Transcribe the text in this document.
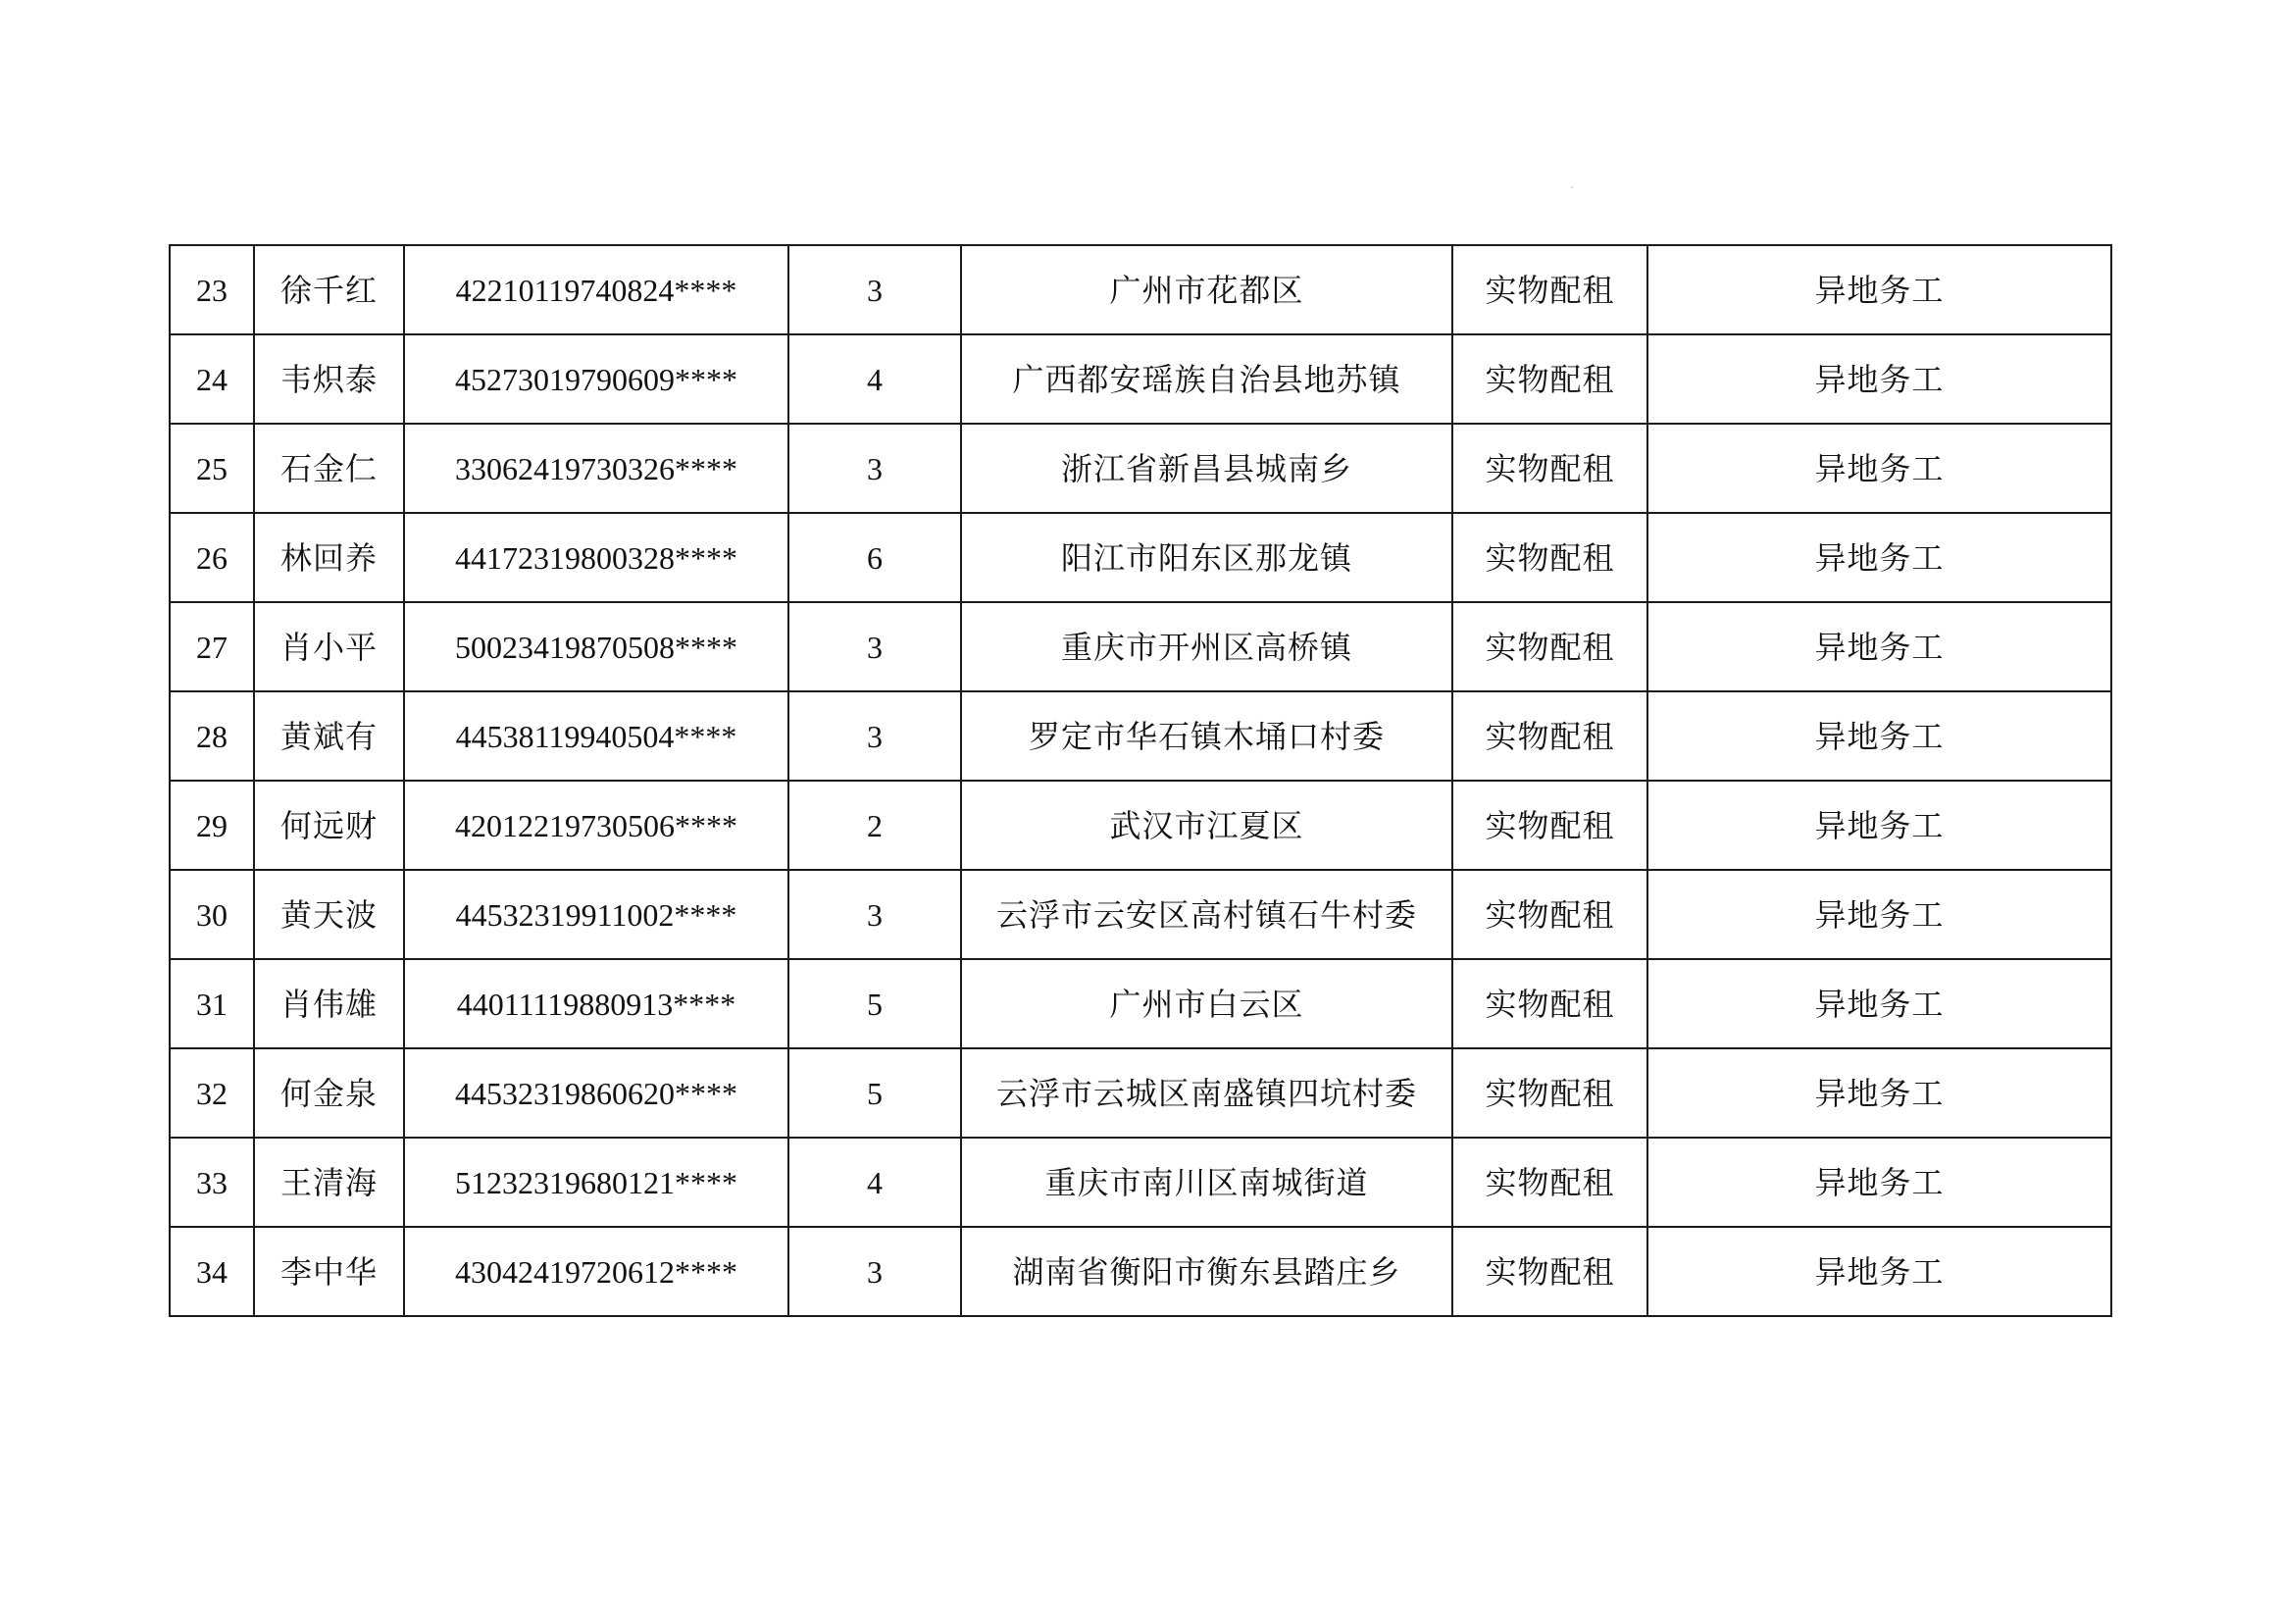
23	徐千红	42210119740824****	3	广州市花都区	实物配租	异地务工
24	韦炽泰	45273019790609****	4	广西都安瑶族自治县地苏镇	实物配租	异地务工
25	石金仁	33062419730326****	3	浙江省新昌县城南乡	实物配租	异地务工
26	林回养	44172319800328****	6	阳江市阳东区那龙镇	实物配租	异地务工
27	肖小平	50023419870508****	3	重庆市开州区高桥镇	实物配租	异地务工
28	黄斌有	44538119940504****	3	罗定市华石镇木埇口村委	实物配租	异地务工
29	何远财	42012219730506****	2	武汉市江夏区	实物配租	异地务工
30	黄天波	44532319911002****	3	云浮市云安区高村镇石牛村委	实物配租	异地务工
31	肖伟雄	44011119880913****	5	广州市白云区	实物配租	异地务工
32	何金泉	44532319860620****	5	云浮市云城区南盛镇四坑村委	实物配租	异地务工
33	王清海	51232319680121****	4	重庆市南川区南城街道	实物配租	异地务工
34	李中华	43042419720612****	3	湖南省衡阳市衡东县踏庄乡	实物配租	异地务工
